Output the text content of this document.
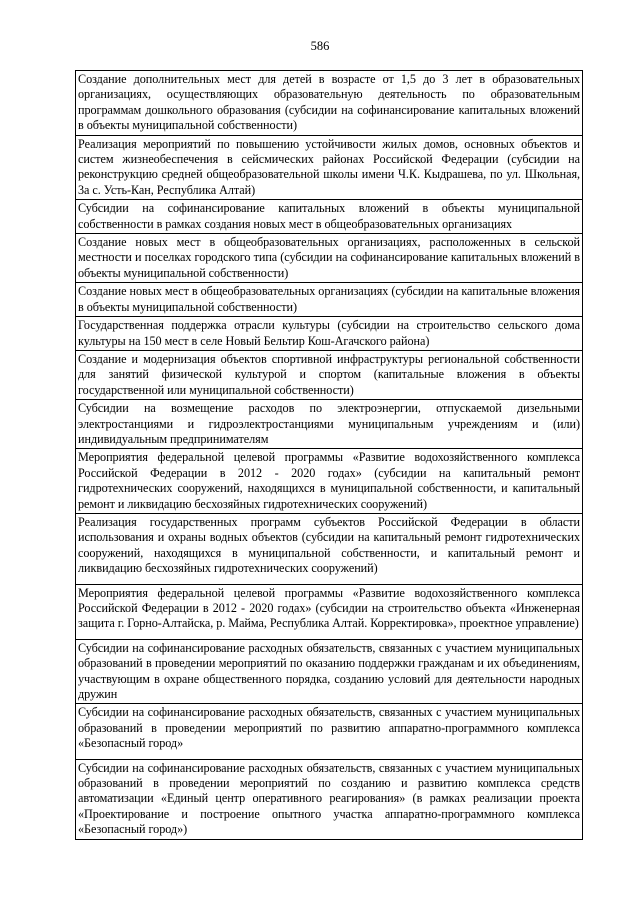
586

Создание дополнительных мест для детей в возрасте от 1,5 до 3 лет в образовательных организациях, осуществляющих образовательную деятельность по образовательным программам дошкольного образования (субсидии на софинансирование капитальных вложений в объекты муниципальной собственности)

Реализация мероприятий по повышению устойчивости жилых домов, основных объектов и систем жизнеобеспечения в сейсмических районах Российской Федерации (субсидии на реконструкцию средней общеобразовательной школы имени Ч.К. Кыдрашева, по ул. Школьная, 3а с. Усть-Кан, Республика Алтай)

Субсидии на софинансирование капитальных вложений в объекты муниципальной собственности в рамках создания новых мест в общеобразовательных организациях

Создание новых мест в общеобразовательных организациях, расположенных в сельской местности и поселках городского типа (субсидии на софинансирование капитальных вложений в объекты муниципальной собственности)

Создание новых мест в общеобразовательных организациях (субсидии на капитальные вложения в объекты муниципальной собственности)

Государственная поддержка отрасли культуры (субсидии на строительство сельского дома культуры на 150 мест в селе Новый Бельтир Кош-Агачского района)

Создание и модернизация объектов спортивной инфраструктуры региональной собственности для занятий физической культурой и спортом (капитальные вложения в объекты государственной или муниципальной собственности)

Субсидии на возмещение расходов по электроэнергии, отпускаемой дизельными электростанциями и гидроэлектростанциями муниципальным учреждениям и (или) индивидуальным предпринимателям

Мероприятия федеральной целевой программы «Развитие водохозяйственного комплекса Российской Федерации в 2012 - 2020 годах» (субсидии на капитальный ремонт гидротехнических сооружений, находящихся в муниципальной собственности, и капитальный ремонт и ликвидацию бесхозяйных гидротехнических сооружений)

Реализация государственных программ субъектов Российской Федерации в области использования и охраны водных объектов (субсидии на капитальный ремонт гидротехнических сооружений, находящихся в муниципальной собственности, и капитальный ремонт и ликвидацию бесхозяйных гидротехнических сооружений)

Мероприятия федеральной целевой программы «Развитие водохозяйственного комплекса Российской Федерации в 2012 - 2020 годах» (субсидии на строительство объекта «Инженерная защита г. Горно-Алтайска, р. Майма, Республика Алтай. Корректировка», проектное управление)

Субсидии на софинансирование расходных обязательств, связанных с участием муниципальных образований в проведении мероприятий по оказанию поддержки гражданам и их объединениям, участвующим в охране общественного порядка, созданию условий для деятельности народных дружин

Субсидии на софинансирование расходных обязательств, связанных с участием муниципальных образований в проведении мероприятий по развитию аппаратно-программного комплекса «Безопасный город»

Субсидии на софинансирование расходных обязательств, связанных с участием муниципальных образований в проведении мероприятий по созданию и развитию комплекса средств автоматизации «Единый центр оперативного реагирования» (в рамках реализации проекта «Проектирование и построение опытного участка аппаратно-программного комплекса «Безопасный город»)
